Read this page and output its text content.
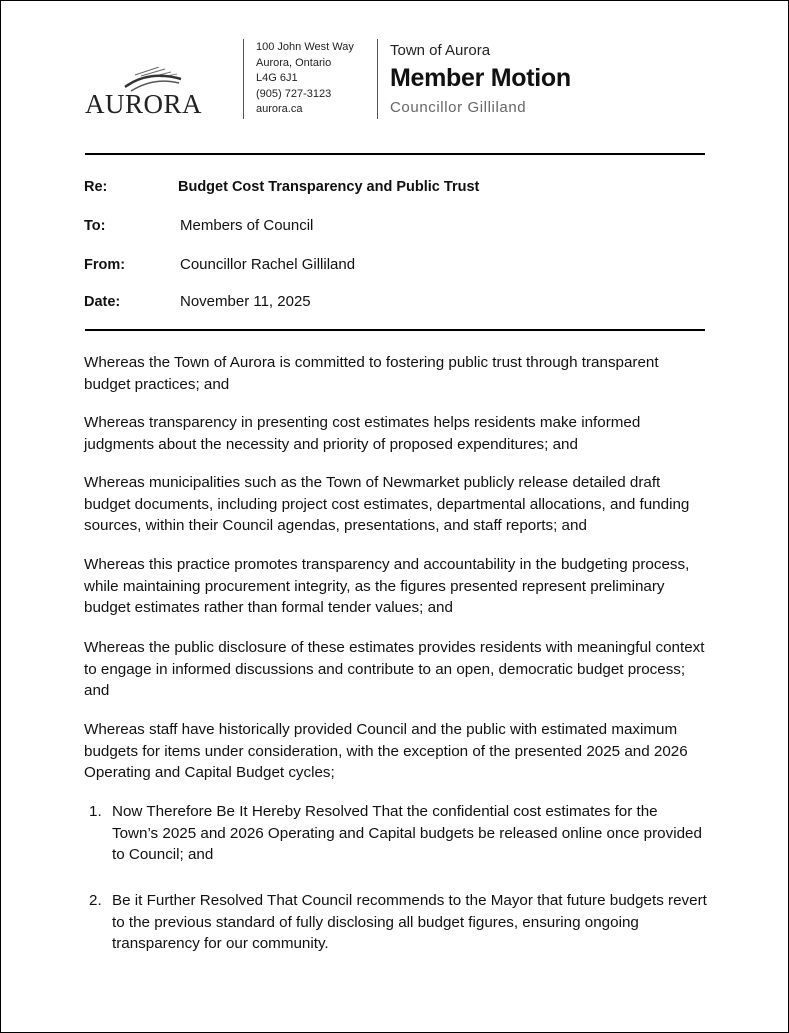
AURORA
100 John West Way
Aurora, Ontario
L4G 6J1
(905) 727-3123
aurora.ca
Town of Aurora
Member Motion
Councillor Gilliland
Re:	Budget Cost Transparency and Public Trust
To:	Members of Council
From:	Councillor Rachel Gilliland
Date:	November 11, 2025

Whereas the Town of Aurora is committed to fostering public trust through transparent budget practices; and

Whereas transparency in presenting cost estimates helps residents make informed judgments about the necessity and priority of proposed expenditures; and

Whereas municipalities such as the Town of Newmarket publicly release detailed draft budget documents, including project cost estimates, departmental allocations, and funding sources, within their Council agendas, presentations, and staff reports; and

Whereas this practice promotes transparency and accountability in the budgeting process, while maintaining procurement integrity, as the figures presented represent preliminary budget estimates rather than formal tender values; and

Whereas the public disclosure of these estimates provides residents with meaningful context to engage in informed discussions and contribute to an open, democratic budget process; and

Whereas staff have historically provided Council and the public with estimated maximum budgets for items under consideration, with the exception of the presented 2025 and 2026 Operating and Capital Budget cycles;

1. Now Therefore Be It Hereby Resolved That the confidential cost estimates for the Town’s 2025 and 2026 Operating and Capital budgets be released online once provided to Council; and
2. Be it Further Resolved That Council recommends to the Mayor that future budgets revert to the previous standard of fully disclosing all budget figures, ensuring ongoing transparency for our community.
